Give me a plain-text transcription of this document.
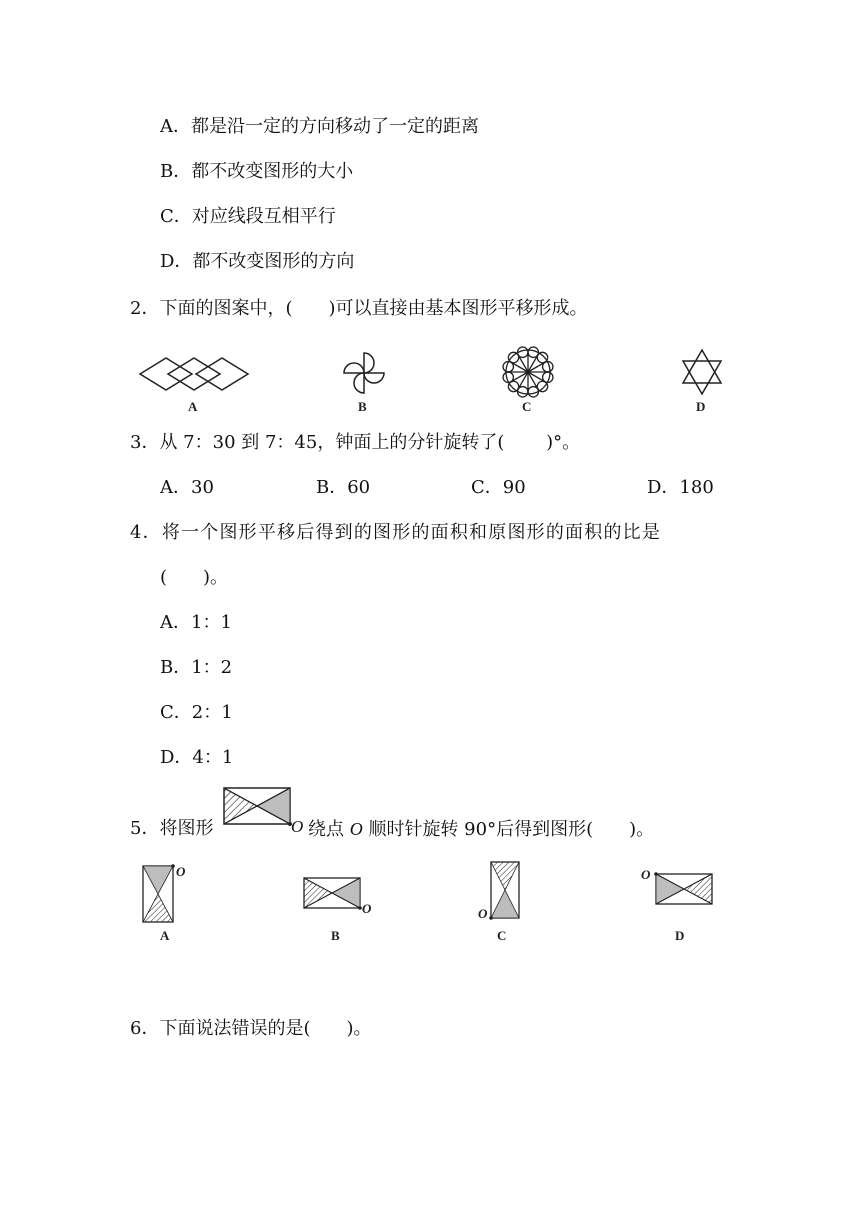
A．都是沿一定的方向移动了一定的距离
B．都不改变图形的大小
C．对应线段互相平行
D．都不改变图形的方向
2．下面的图案中，(　　)可以直接由基本图形平移形成。
A	B	C	D
3．从 7：30 到 7：45，钟面上的分针旋转了(　　 )°。
A．30	B．60	C．90	D．180
4．将一个图形平移后得到的图形的面积和原图形的面积的比是
(　　)。
A．1：1
B．1：2
C．2：1
D．4：1
5．将图形	O 绕点 O 顺时针旋转 90°后得到图形(　　)。
O
A
O
B
O
C
O
D
6．下面说法错误的是(　　)。
